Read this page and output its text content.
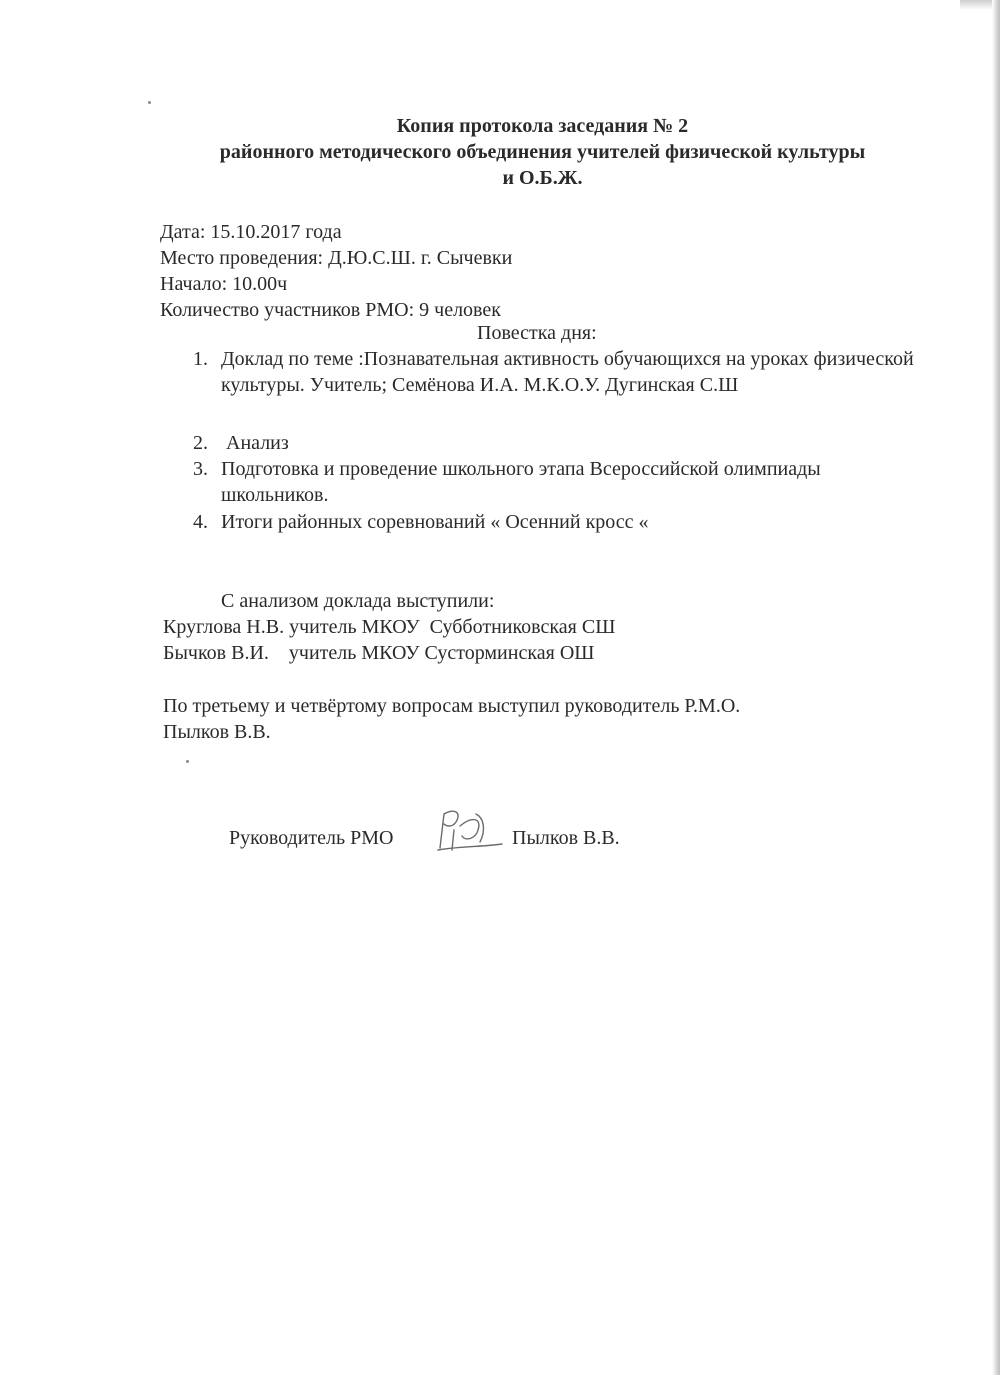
Копия протокола заседания № 2
районного методического объединения учителей физической культуры
и О.Б.Ж.
Дата: 15.10.2017 года
Место проведения: Д.Ю.С.Ш. г. Сычевки
Начало: 10.00ч
Количество участников РМО: 9 человек
Повестка дня:
1. Доклад по теме :Познавательная активность обучающихся на уроках физической культуры. Учитель; Семёнова И.А. М.К.О.У. Дугинская С.Ш
2. Анализ
3. Подготовка и проведение школьного этапа Всероссийской олимпиады школьников.
4. Итоги районных соревнований « Осенний кросс «
С анализом доклада выступили:
Круглова Н.В. учитель МКОУ  Субботниковская СШ
Бычков В.И.    учитель МКОУ Сусторминская ОШ
По третьему и четвёртому вопросам выступил руководитель Р.М.О.
Пылков В.В.
Руководитель РМО	Пылков В.В.
